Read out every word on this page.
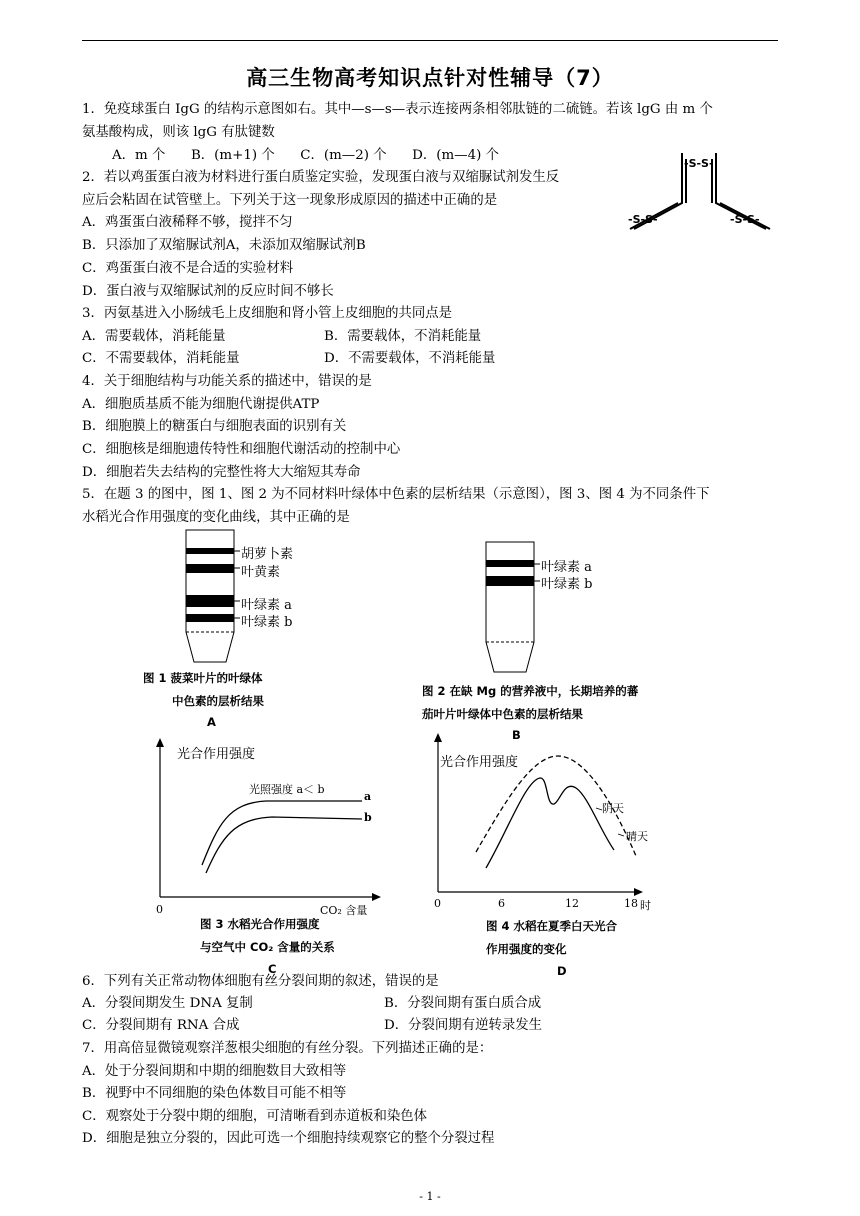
高三生物高考知识点针对性辅导（7）
1．免疫球蛋白 IgG 的结构示意图如右。其中—s—s—表示连接两条相邻肽链的二硫链。若该 lgG 由 m 个
氨基酸构成，则该 lgG 有肽键数
A．m 个      B．(m+1) 个      C．(m—2) 个      D．(m—4) 个
-S-S-
-S-S-	-S-S-
2．若以鸡蛋蛋白液为材料进行蛋白质鉴定实验，发现蛋白液与双缩脲试剂发生反
应后会粘固在试管壁上。下列关于这一现象形成原因的描述中正确的是
A．鸡蛋蛋白液稀释不够，搅拌不匀
B．只添加了双缩脲试剂A，未添加双缩脲试剂B
C．鸡蛋蛋白液不是合适的实验材料
D．蛋白液与双缩脲试剂的反应时间不够长
3．丙氨基进入小肠绒毛上皮细胞和肾小管上皮细胞的共同点是
A．需要载体，消耗能量	B．需要载体，不消耗能量
C．不需要载体，消耗能量	D．不需要载体，不消耗能量
4．关于细胞结构与功能关系的描述中，错误的是
A．细胞质基质不能为细胞代谢提供ATP
B．细胞膜上的糖蛋白与细胞表面的识别有关
C．细胞核是细胞遗传特性和细胞代谢活动的控制中心
D．细胞若失去结构的完整性将大大缩短其寿命
5．在题 3 的图中，图 1、图 2 为不同材料叶绿体中色素的层析结果（示意图），图 3、图 4 为不同条件下
水稻光合作用强度的变化曲线，其中正确的是
胡萝卜素
叶黄素
叶绿素 a
叶绿素 b
图 1 菠菜叶片的叶绿体
中色素的层析结果
A
叶绿素 a
叶绿素 b
图 2 在缺 Mg 的营养液中，长期培养的蕃
茄叶片叶绿体中色素的层析结果
B
光合作用强度
光照强度 a＜ b
a
b
0	CO₂ 含量
图 3 水稻光合作用强度
与空气中 CO₂ 含量的关系
C
光合作用强度
阴天
晴天
0	6	12	18 时
图 4 水稻在夏季白天光合
作用强度的变化
D
6．下列有关正常动物体细胞有丝分裂间期的叙述，错误的是
A．分裂间期发生 DNA 复制	B．分裂间期有蛋白质合成
C．分裂间期有 RNA 合成	D．分裂间期有逆转录发生
7．用高倍显微镜观察洋葱根尖细胞的有丝分裂。下列描述正确的是：
A．处于分裂间期和中期的细胞数目大致相等
B．视野中不同细胞的染色体数目可能不相等
C．观察处于分裂中期的细胞，可清晰看到赤道板和染色体
D．细胞是独立分裂的，因此可选一个细胞持续观察它的整个分裂过程
- 1 -
